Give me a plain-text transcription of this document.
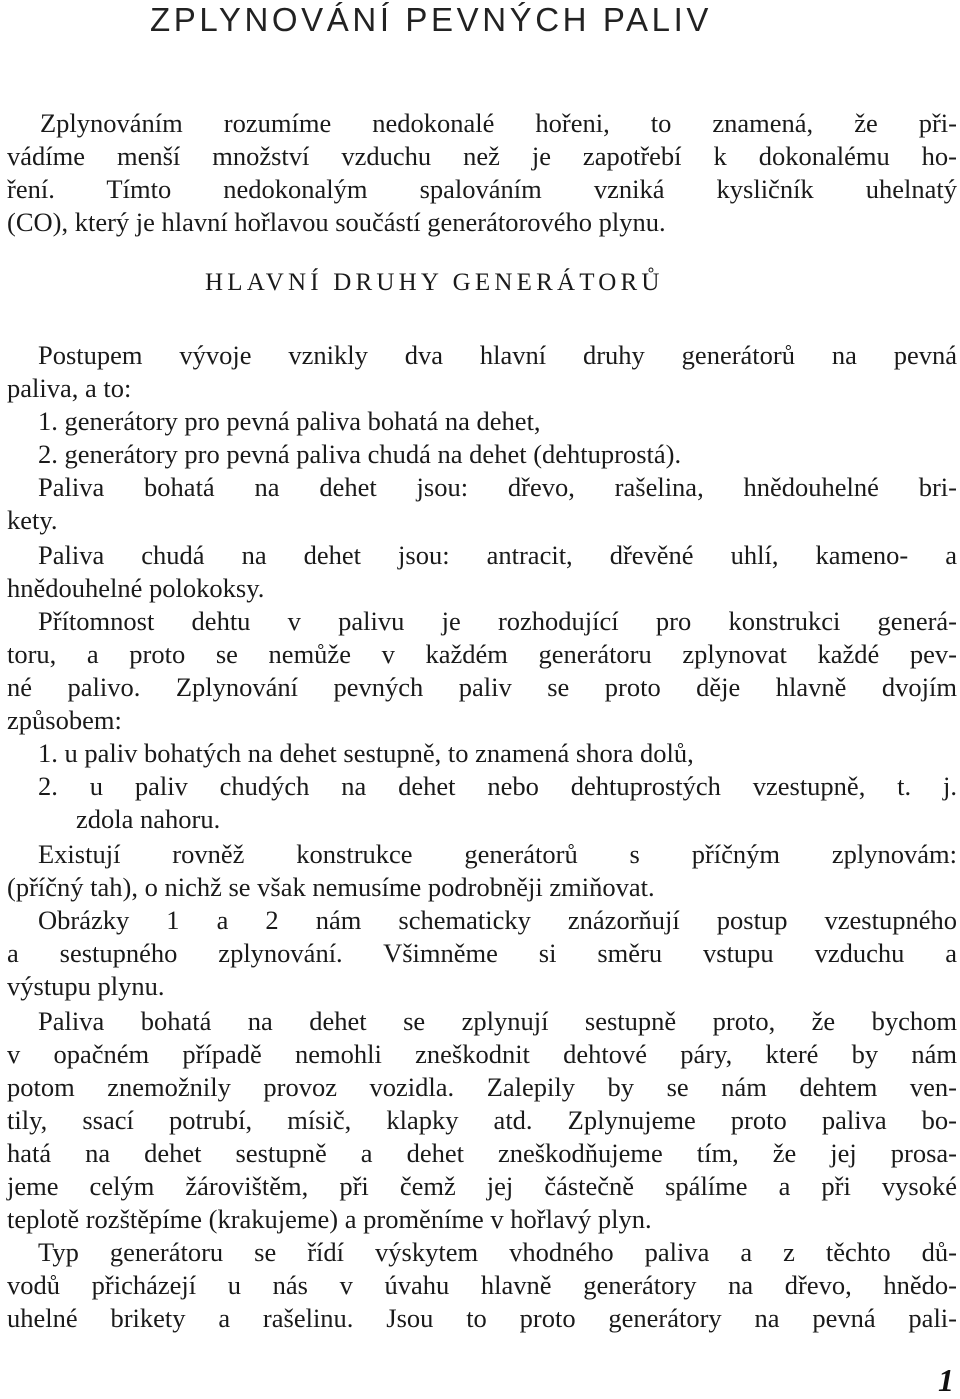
ZPLYNOVÁNÍ PEVNÝCH PALIV
Zplynováním rozumíme nedokonalé hořeni, to znamená, že při-
vádíme menší množství vzduchu než je zapotřebí k dokonalému ho-
ření. Tímto nedokonalým spalováním vzniká kysličník uhelnatý
(CO), který je hlavní hořlavou součástí generátorového plynu.
HLAVNÍ DRUHY GENERÁTORŮ
Postupem vývoje vznikly dva hlavní druhy generátorů na pevná
paliva, a to:
1. generátory pro pevná paliva bohatá na dehet,
2. generátory pro pevná paliva chudá na dehet (dehtuprostá).
Paliva bohatá na dehet jsou: dřevo, rašelina, hnědouhelné bri-
kety.
Paliva chudá na dehet jsou: antracit, dřevěné uhlí, kameno- a
hnědouhelné polokoksy.
Přítomnost dehtu v palivu je rozhodující pro konstrukci generá-
toru, a proto se nemůže v každém generátoru zplynovat každé pev-
né palivo. Zplynování pevných paliv se proto děje hlavně dvojím
způsobem:
1. u paliv bohatých na dehet sestupně, to znamená shora dolů,
2. u paliv chudých na dehet nebo dehtuprostých vzestupně, t. j.
zdola nahoru.
Existují rovněž konstrukce generátorů s příčným zplynovám:
(příčný tah), o nichž se však nemusíme podrobněji zmiňovat.
Obrázky 1 a 2 nám schematicky znázorňují postup vzestupného
a sestupného zplynování. Všimněme si směru vstupu vzduchu a
výstupu plynu.
Paliva bohatá na dehet se zplynují sestupně proto, že bychom
v opačném případě nemohli zneškodnit dehtové páry, které by nám
potom znemožnily provoz vozidla. Zalepily by se nám dehtem ven-
tily, ssací potrubí, mísič, klapky atd. Zplynujeme proto paliva bo-
hatá na dehet sestupně a dehet zneškodňujeme tím, že jej prosa-
jeme celým žárovištěm, při čemž jej částečně spálíme a při vysoké
teplotě rozštěpíme (krakujeme) a proměníme v hořlavý plyn.
Typ generátoru se řídí výskytem vhodného paliva a z těchto dů-
vodů přicházejí u nás v úvahu hlavně generátory na dřevo, hnědo-
uhelné brikety a rašelinu. Jsou to proto generátory na pevná pali-
1
